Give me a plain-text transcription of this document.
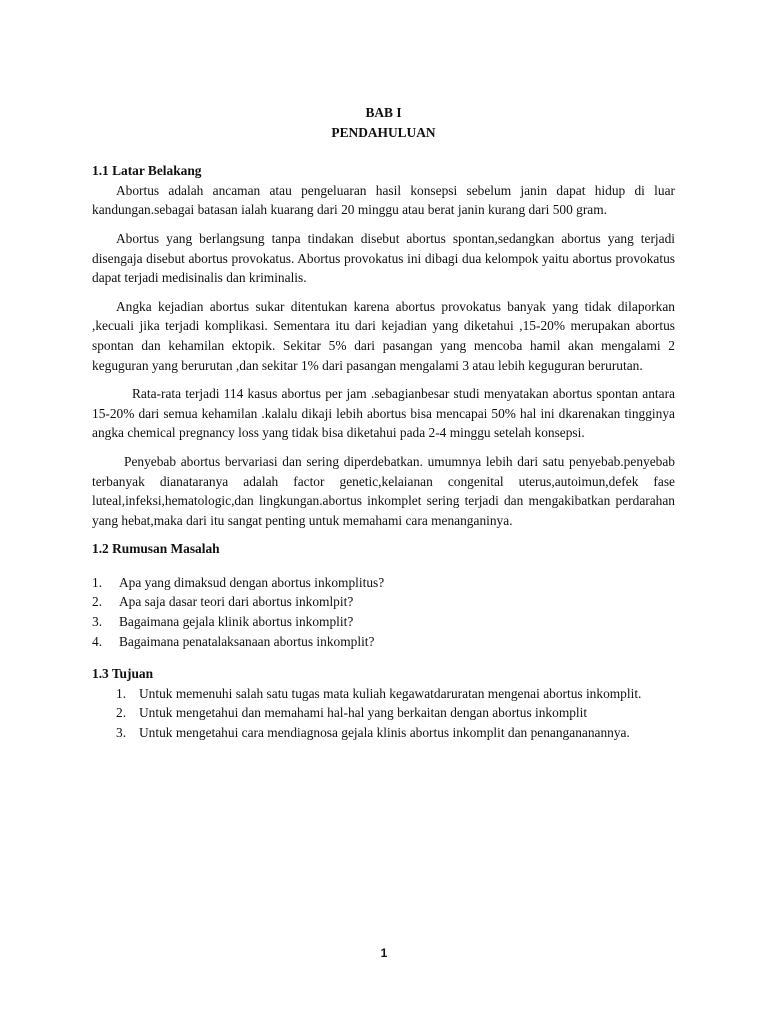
BAB I
PENDAHULUAN
1.1 Latar Belakang

Abortus adalah ancaman atau pengeluaran hasil konsepsi sebelum janin dapat hidup di luar kandungan.sebagai batasan ialah kuarang dari 20 minggu atau berat janin kurang dari 500 gram.

Abortus yang berlangsung tanpa tindakan disebut abortus spontan,sedangkan abortus yang terjadi disengaja disebut abortus provokatus. Abortus provokatus ini dibagi dua kelompok yaitu abortus provokatus dapat terjadi medisinalis dan kriminalis.

Angka kejadian abortus sukar ditentukan karena abortus provokatus banyak yang tidak dilaporkan ,kecuali jika terjadi komplikasi. Sementara itu dari kejadian yang diketahui ,15-20% merupakan abortus spontan dan kehamilan ektopik. Sekitar 5% dari pasangan yang mencoba hamil akan mengalami 2 keguguran yang berurutan ,dan sekitar 1% dari pasangan mengalami 3 atau lebih keguguran berurutan.

Rata-rata terjadi 114 kasus abortus per jam .sebagianbesar studi menyatakan abortus spontan antara 15-20% dari semua kehamilan .kalalu dikaji lebih abortus bisa mencapai 50% hal ini dkarenakan tingginya angka chemical pregnancy loss yang tidak bisa diketahui pada 2-4 minggu setelah konsepsi.

Penyebab abortus bervariasi dan sering diperdebatkan. umumnya lebih dari satu penyebab.penyebab terbanyak dianataranya adalah factor genetic,kelaianan congenital uterus,autoimun,defek fase luteal,infeksi,hematologic,dan lingkungan.abortus inkomplet sering terjadi dan mengakibatkan perdarahan yang hebat,maka dari itu sangat penting untuk memahami cara menanganinya.

1.2 Rumusan Masalah
1. Apa yang dimaksud dengan abortus inkomplitus?
2. Apa saja dasar teori dari abortus inkomlpit?
3. Bagaimana gejala klinik abortus inkomplit?
4. Bagaimana penatalaksanaan abortus inkomplit?
1.3 Tujuan
1. Untuk memenuhi salah satu tugas mata kuliah kegawatdaruratan mengenai abortus inkomplit.
2. Untuk mengetahui dan memahami hal-hal yang berkaitan dengan abortus inkomplit
3. Untuk mengetahui cara mendiagnosa gejala klinis abortus inkomplit dan penangananannya.
1
